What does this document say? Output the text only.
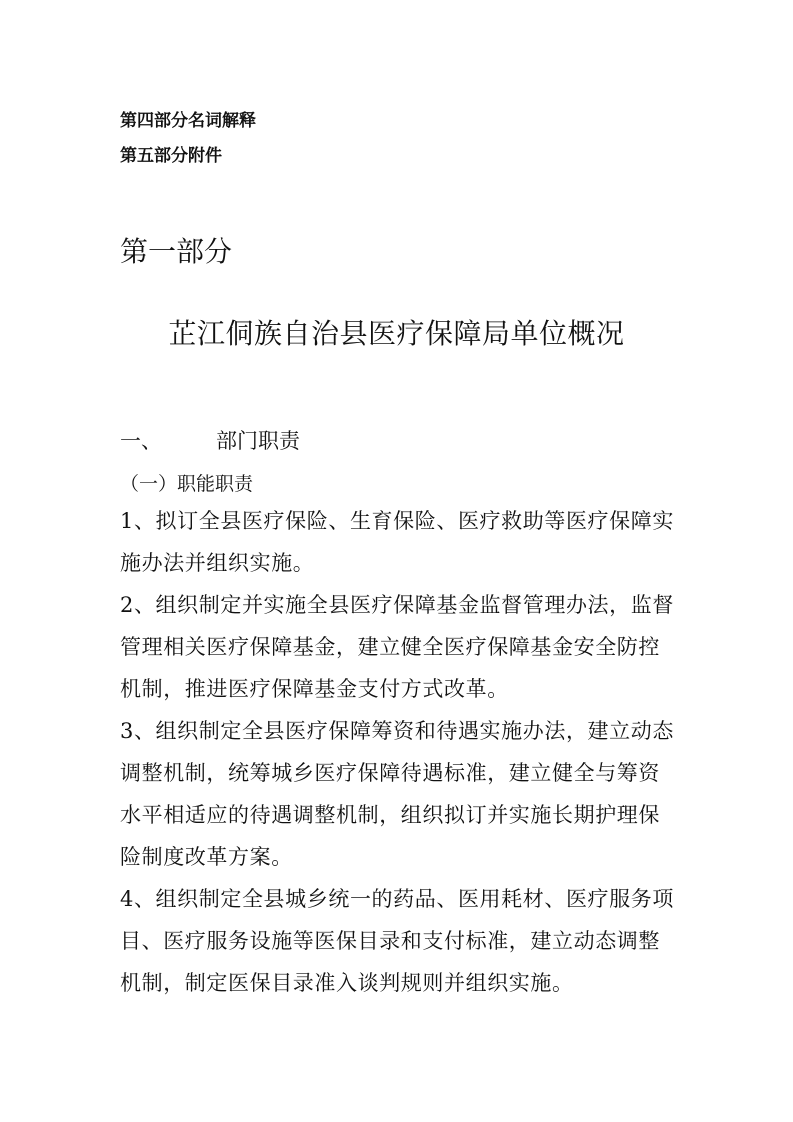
第四部分名词解释
第五部分附件
第一部分
芷江侗族自治县医疗保障局单位概况
一、	部门职责
（一）职能职责

1、拟订全县医疗保险、生育保险、医疗救助等医疗保障实施办法并组织实施。

2、组织制定并实施全县医疗保障基金监督管理办法，监督管理相关医疗保障基金，建立健全医疗保障基金安全防控机制，推进医疗保障基金支付方式改革。

3、组织制定全县医疗保障筹资和待遇实施办法，建立动态调整机制，统筹城乡医疗保障待遇标准，建立健全与筹资水平相适应的待遇调整机制，组织拟订并实施长期护理保险制度改革方案。

4、组织制定全县城乡统一的药品、医用耗材、医疗服务项目、医疗服务设施等医保目录和支付标准，建立动态调整机制，制定医保目录准入谈判规则并组织实施。
